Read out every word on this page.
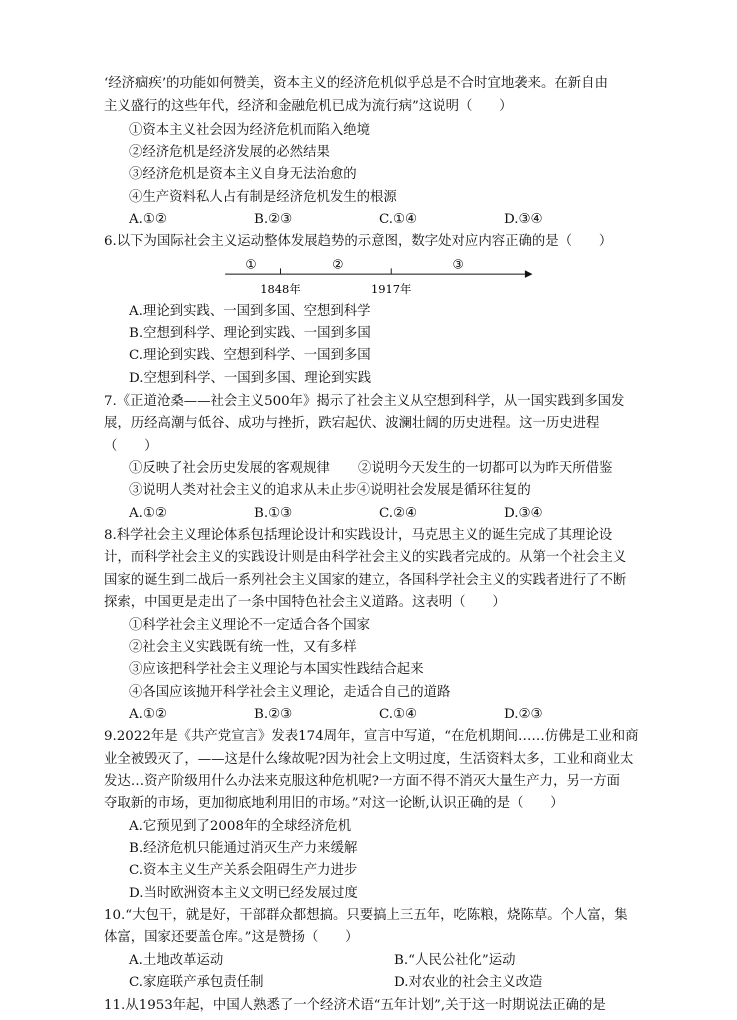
‘经济痼疾’的功能如何赞美，资本主义的经济危机似乎总是不合时宜地袭来。在新自由
主义盛行的这些年代，经济和金融危机已成为流行病”这说明（　　）
①资本主义社会因为经济危机而陷入绝境
②经济危机是经济发展的必然结果
③经济危机是资本主义自身无法治愈的
④生产资料私人占有制是经济危机发生的根源
A.①②	B.②③	C.①④	D.③④
6.以下为国际社会主义运动整体发展趋势的示意图，数字处对应内容正确的是（　　）
①	②	③
1848年	1917年
A.理论到实践、一国到多国、空想到科学
B.空想到科学、理论到实践、一国到多国
C.理论到实践、空想到科学、一国到多国
D.空想到科学、一国到多国、理论到实践
7.《正道沧桑——社会主义500年》揭示了社会主义从空想到科学，从一国实践到多国发
展，历经高潮与低谷、成功与挫折，跌宕起伏、波澜壮阔的历史进程。这一历史进程
（　　）
①反映了社会历史发展的客观规律 ②说明今天发生的一切都可以为昨天所借鉴
③说明人类对社会主义的追求从未止步④说明社会发展是循环往复的
A.①②	B.①③	C.②④	D.③④
8.科学社会主义理论体系包括理论设计和实践设计，马克思主义的诞生完成了其理论设
计，而科学社会主义的实践设计则是由科学社会主义的实践者完成的。从第一个社会主义
国家的诞生到二战后一系列社会主义国家的建立，各国科学社会主义的实践者进行了不断
探索，中国更是走出了一条中国特色社会主义道路。这表明（　　）
①科学社会主义理论不一定适合各个国家
②社会主义实践既有统一性，又有多样
③应该把科学社会主义理论与本国实性践结合起来
④各国应该抛开科学社会主义理论，走适合自己的道路
A.①②	B.②③	C.①④	D.②③
9.2022年是《共产党宣言》发表174周年，宣言中写道，“在危机期间……仿佛是工业和商
业全被毁灭了，——这是什么缘故呢?因为社会上文明过度，生活资料太多，工业和商业太
发达…资产阶级用什么办法来克服这种危机呢?一方面不得不消灭大量生产力，另一方面
夺取新的市场，更加彻底地利用旧的市场。”对这一论断,认识正确的是（　　）
A.它预见到了2008年的全球经济危机
B.经济危机只能通过消灭生产力来缓解
C.资本主义生产关系会阻碍生产力进步
D.当时欧洲资本主义文明已经发展过度
10.“大包干，就是好，干部群众都想搞。只要搞上三五年，吃陈粮，烧陈草。个人富，集
体富，国家还要盖仓库。”这是赞扬（　　）
A.土地改革运动	B.“人民公社化”运动
C.家庭联产承包责任制	D.对农业的社会主义改造
11.从1953年起，中国人熟悉了一个经济术语“五年计划”,关于这一时期说法正确的是
